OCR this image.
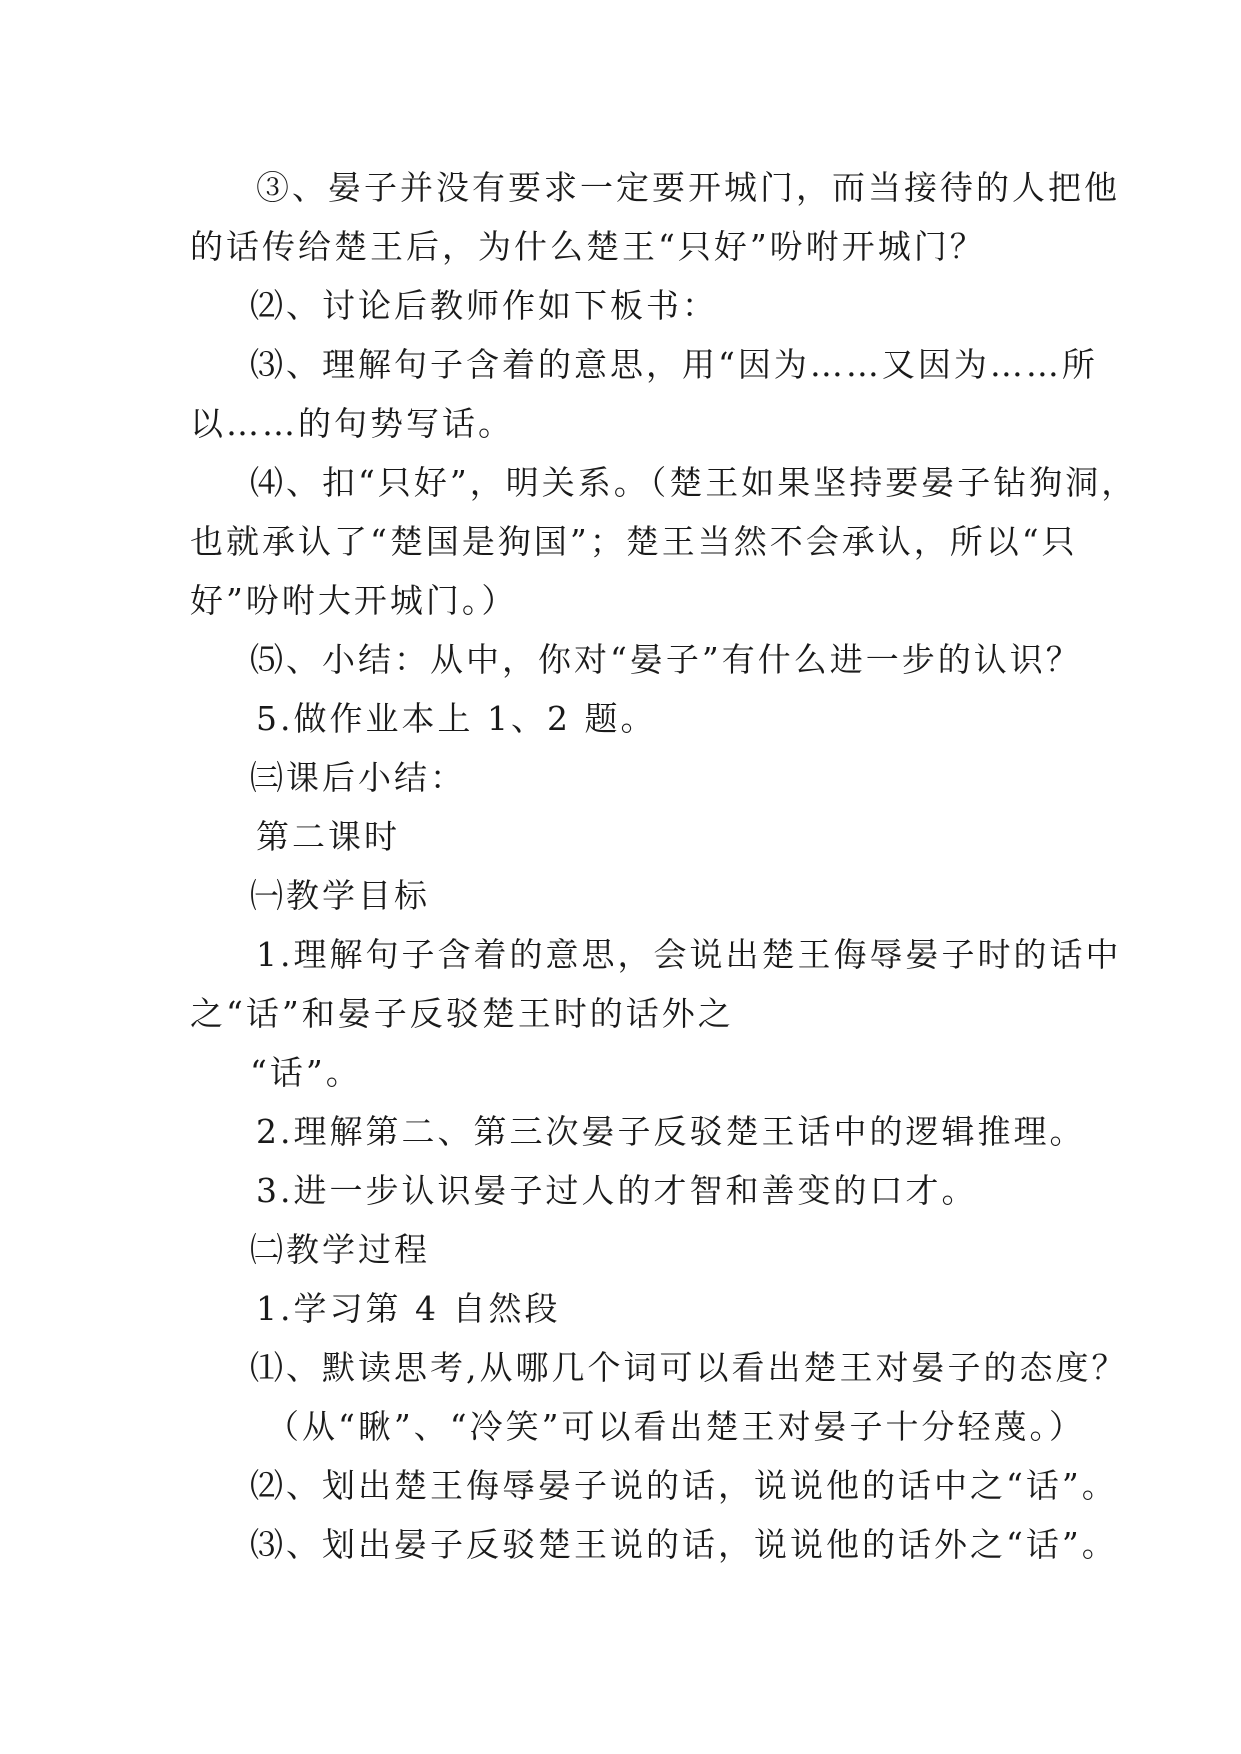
③、晏子并没有要求一定要开城门，而当接待的人把他
的话传给楚王后，为什么楚王“只好”吩咐开城门？
⑵、讨论后教师作如下板书：
⑶、理解句子含着的意思，用“因为……又因为……所
以……的句势写话。
⑷、扣“只好”，明关系。（楚王如果坚持要晏子钻狗洞，
也就承认了“楚国是狗国”；楚王当然不会承认，所以“只
好”吩咐大开城门。）
⑸、小结：从中，你对“晏子”有什么进一步的认识？
5.做作业本上 1、2 题。
㈢课后小结：
第二课时
㈠教学目标
1.理解句子含着的意思，会说出楚王侮辱晏子时的话中
之“话”和晏子反驳楚王时的话外之
“话”。
2.理解第二、第三次晏子反驳楚王话中的逻辑推理。
3.进一步认识晏子过人的才智和善变的口才。
㈡教学过程
1.学习第 4 自然段
⑴、默读思考,从哪几个词可以看出楚王对晏子的态度？
（从“瞅”、“冷笑”可以看出楚王对晏子十分轻蔑。）
⑵、划出楚王侮辱晏子说的话，说说他的话中之“话”。
⑶、划出晏子反驳楚王说的话，说说他的话外之“话”。
